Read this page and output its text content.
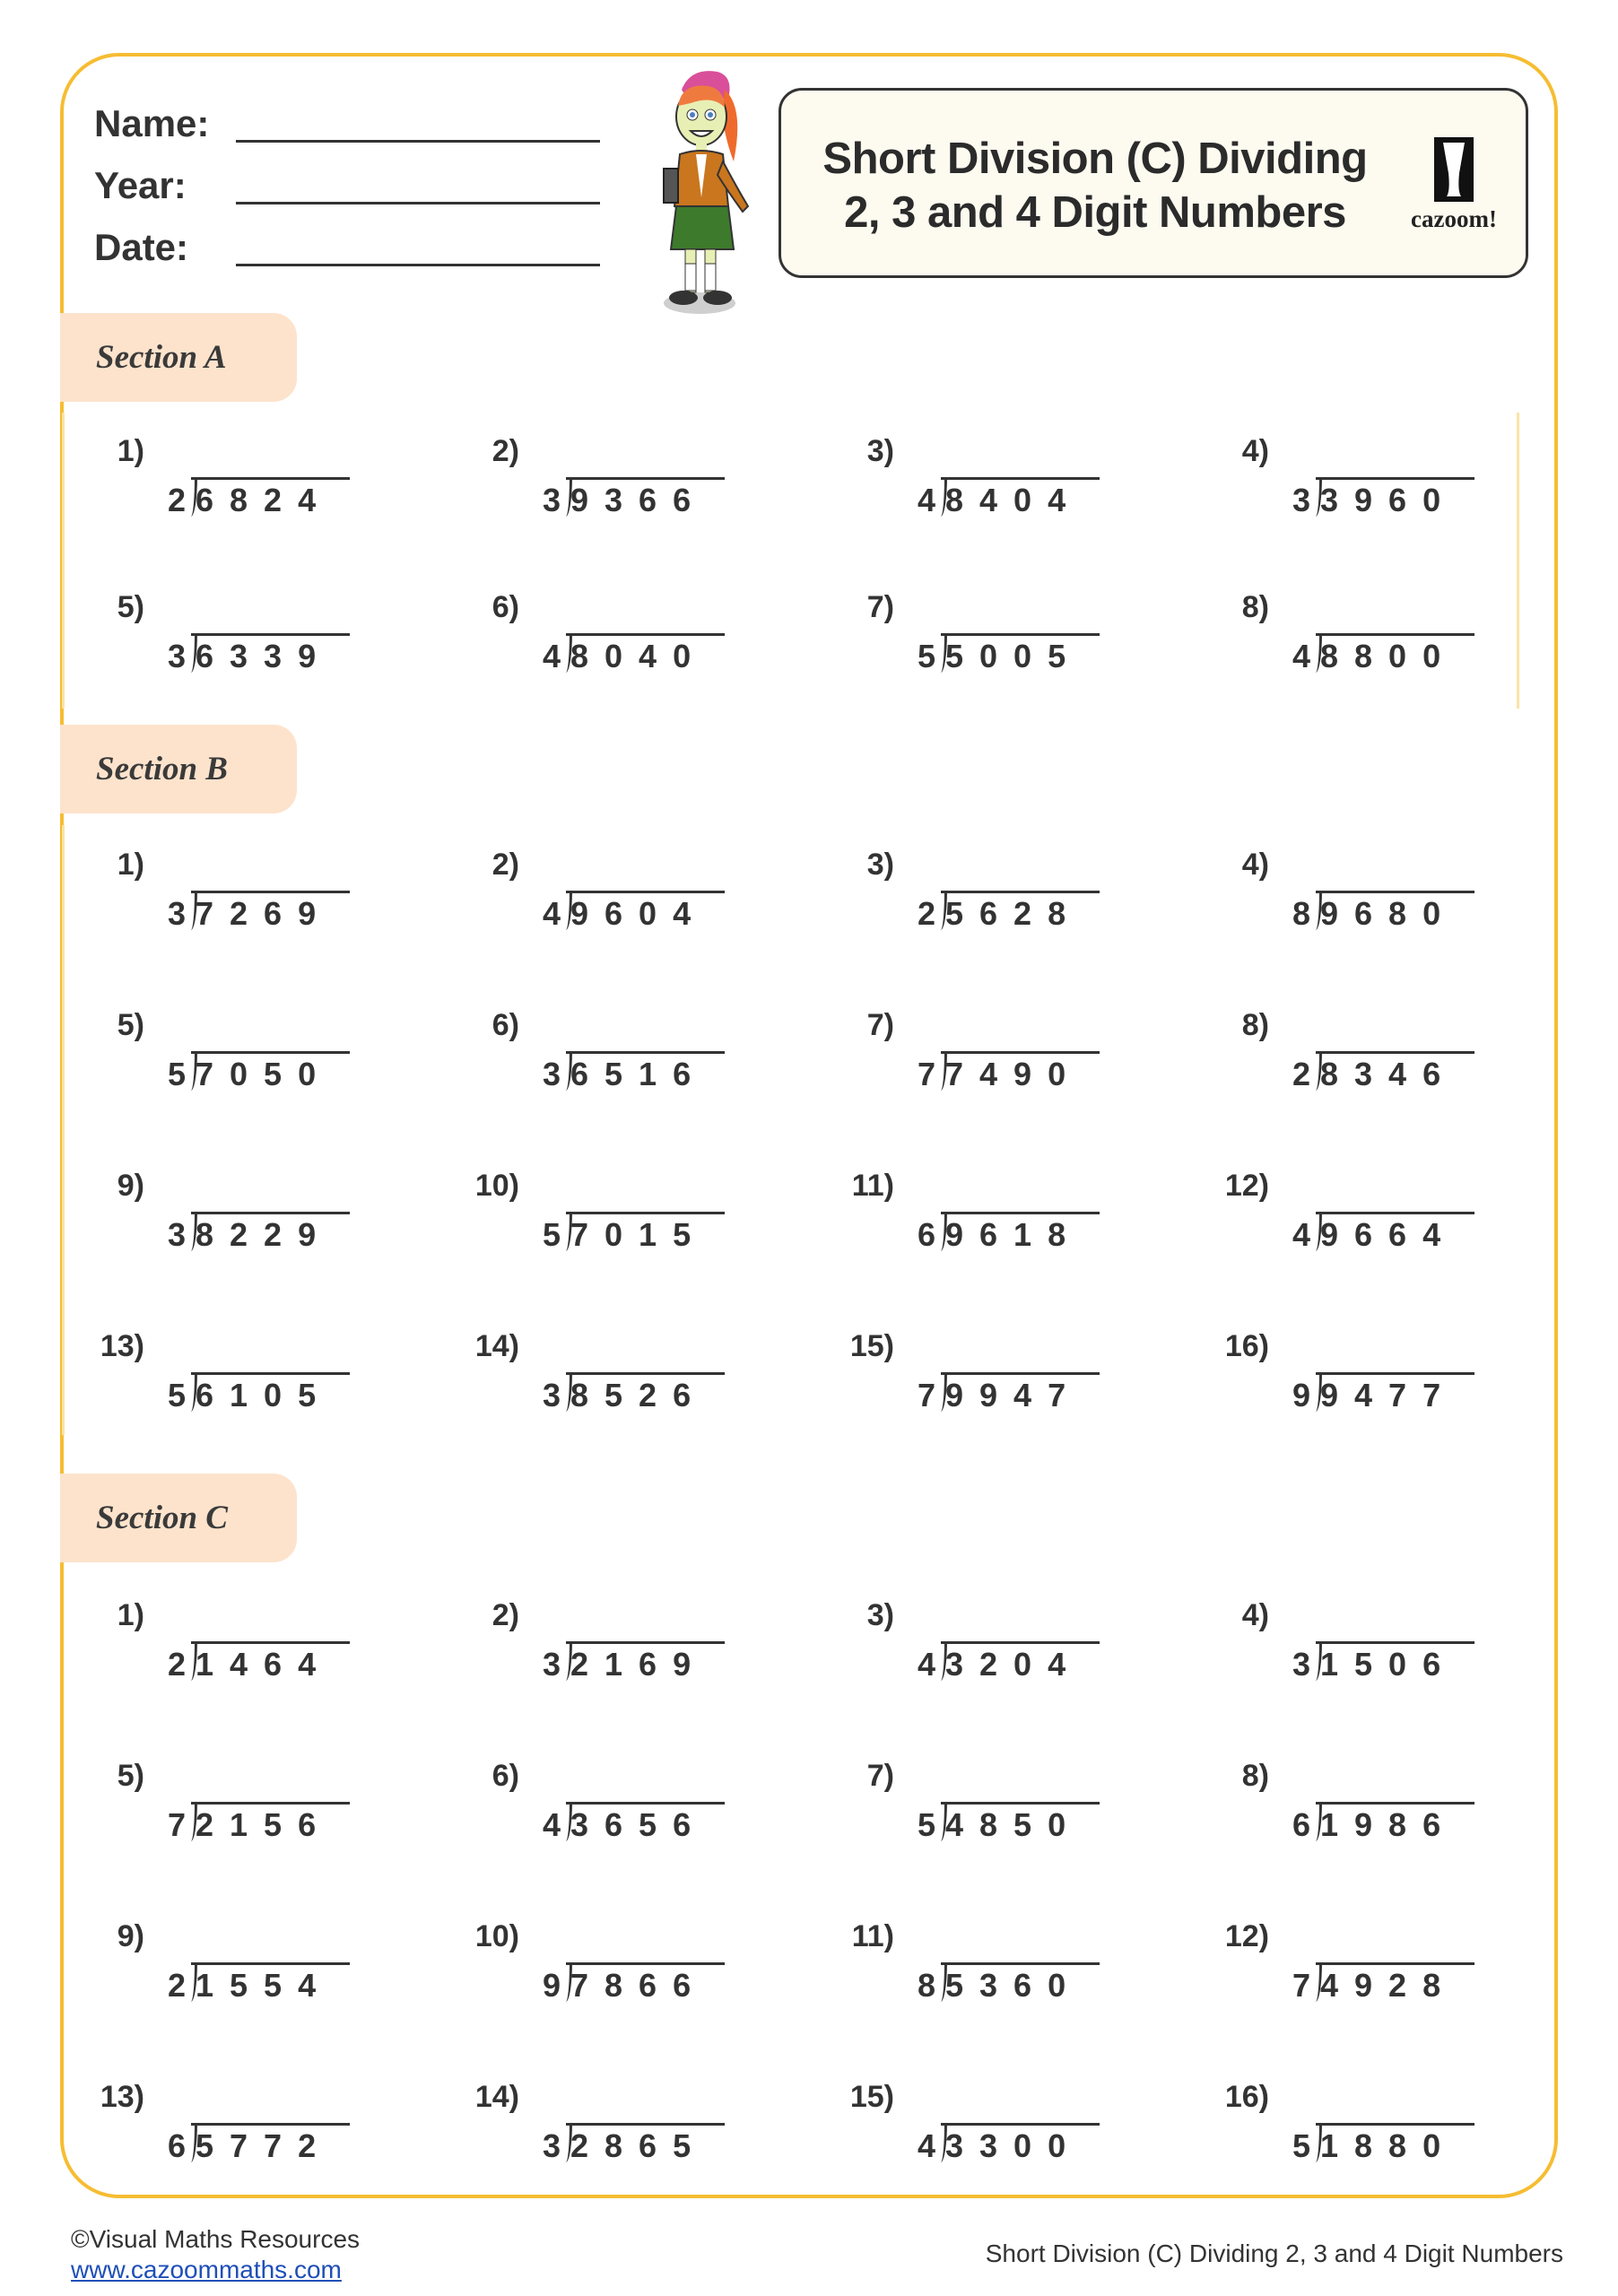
Name:
Year:
Date:
Short Division (C) Dividing
2, 3 and 4 Digit Numbers	cazoom!
Section A
Section B
Section C
1)
2 6824
2)
3 9366
3)
4 8404
4)
3 3960
5)
3 6339
6)
4 8040
7)
5 5005
8)
4 8800
1)
3 7269
2)
4 9604
3)
2 5628
4)
8 9680
5)
5 7050
6)
3 6516
7)
7 7490
8)
2 8346
9)
3 8229
10)
5 7015
11)
6 9618
12)
4 9664
13)
5 6105
14)
3 8526
15)
7 9947
16)
9 9477
1)
2 1464
2)
3 2169
3)
4 3204
4)
3 1506
5)
7 2156
6)
4 3656
7)
5 4850
8)
6 1986
9)
2 1554
10)
9 7866
11)
8 5360
12)
7 4928
13)
6 5772
14)
3 2865
15)
4 3300
16)
5 1880
©Visual Maths Resources
www.cazoommaths.com
Short Division (C) Dividing 2, 3 and 4 Digit Numbers
